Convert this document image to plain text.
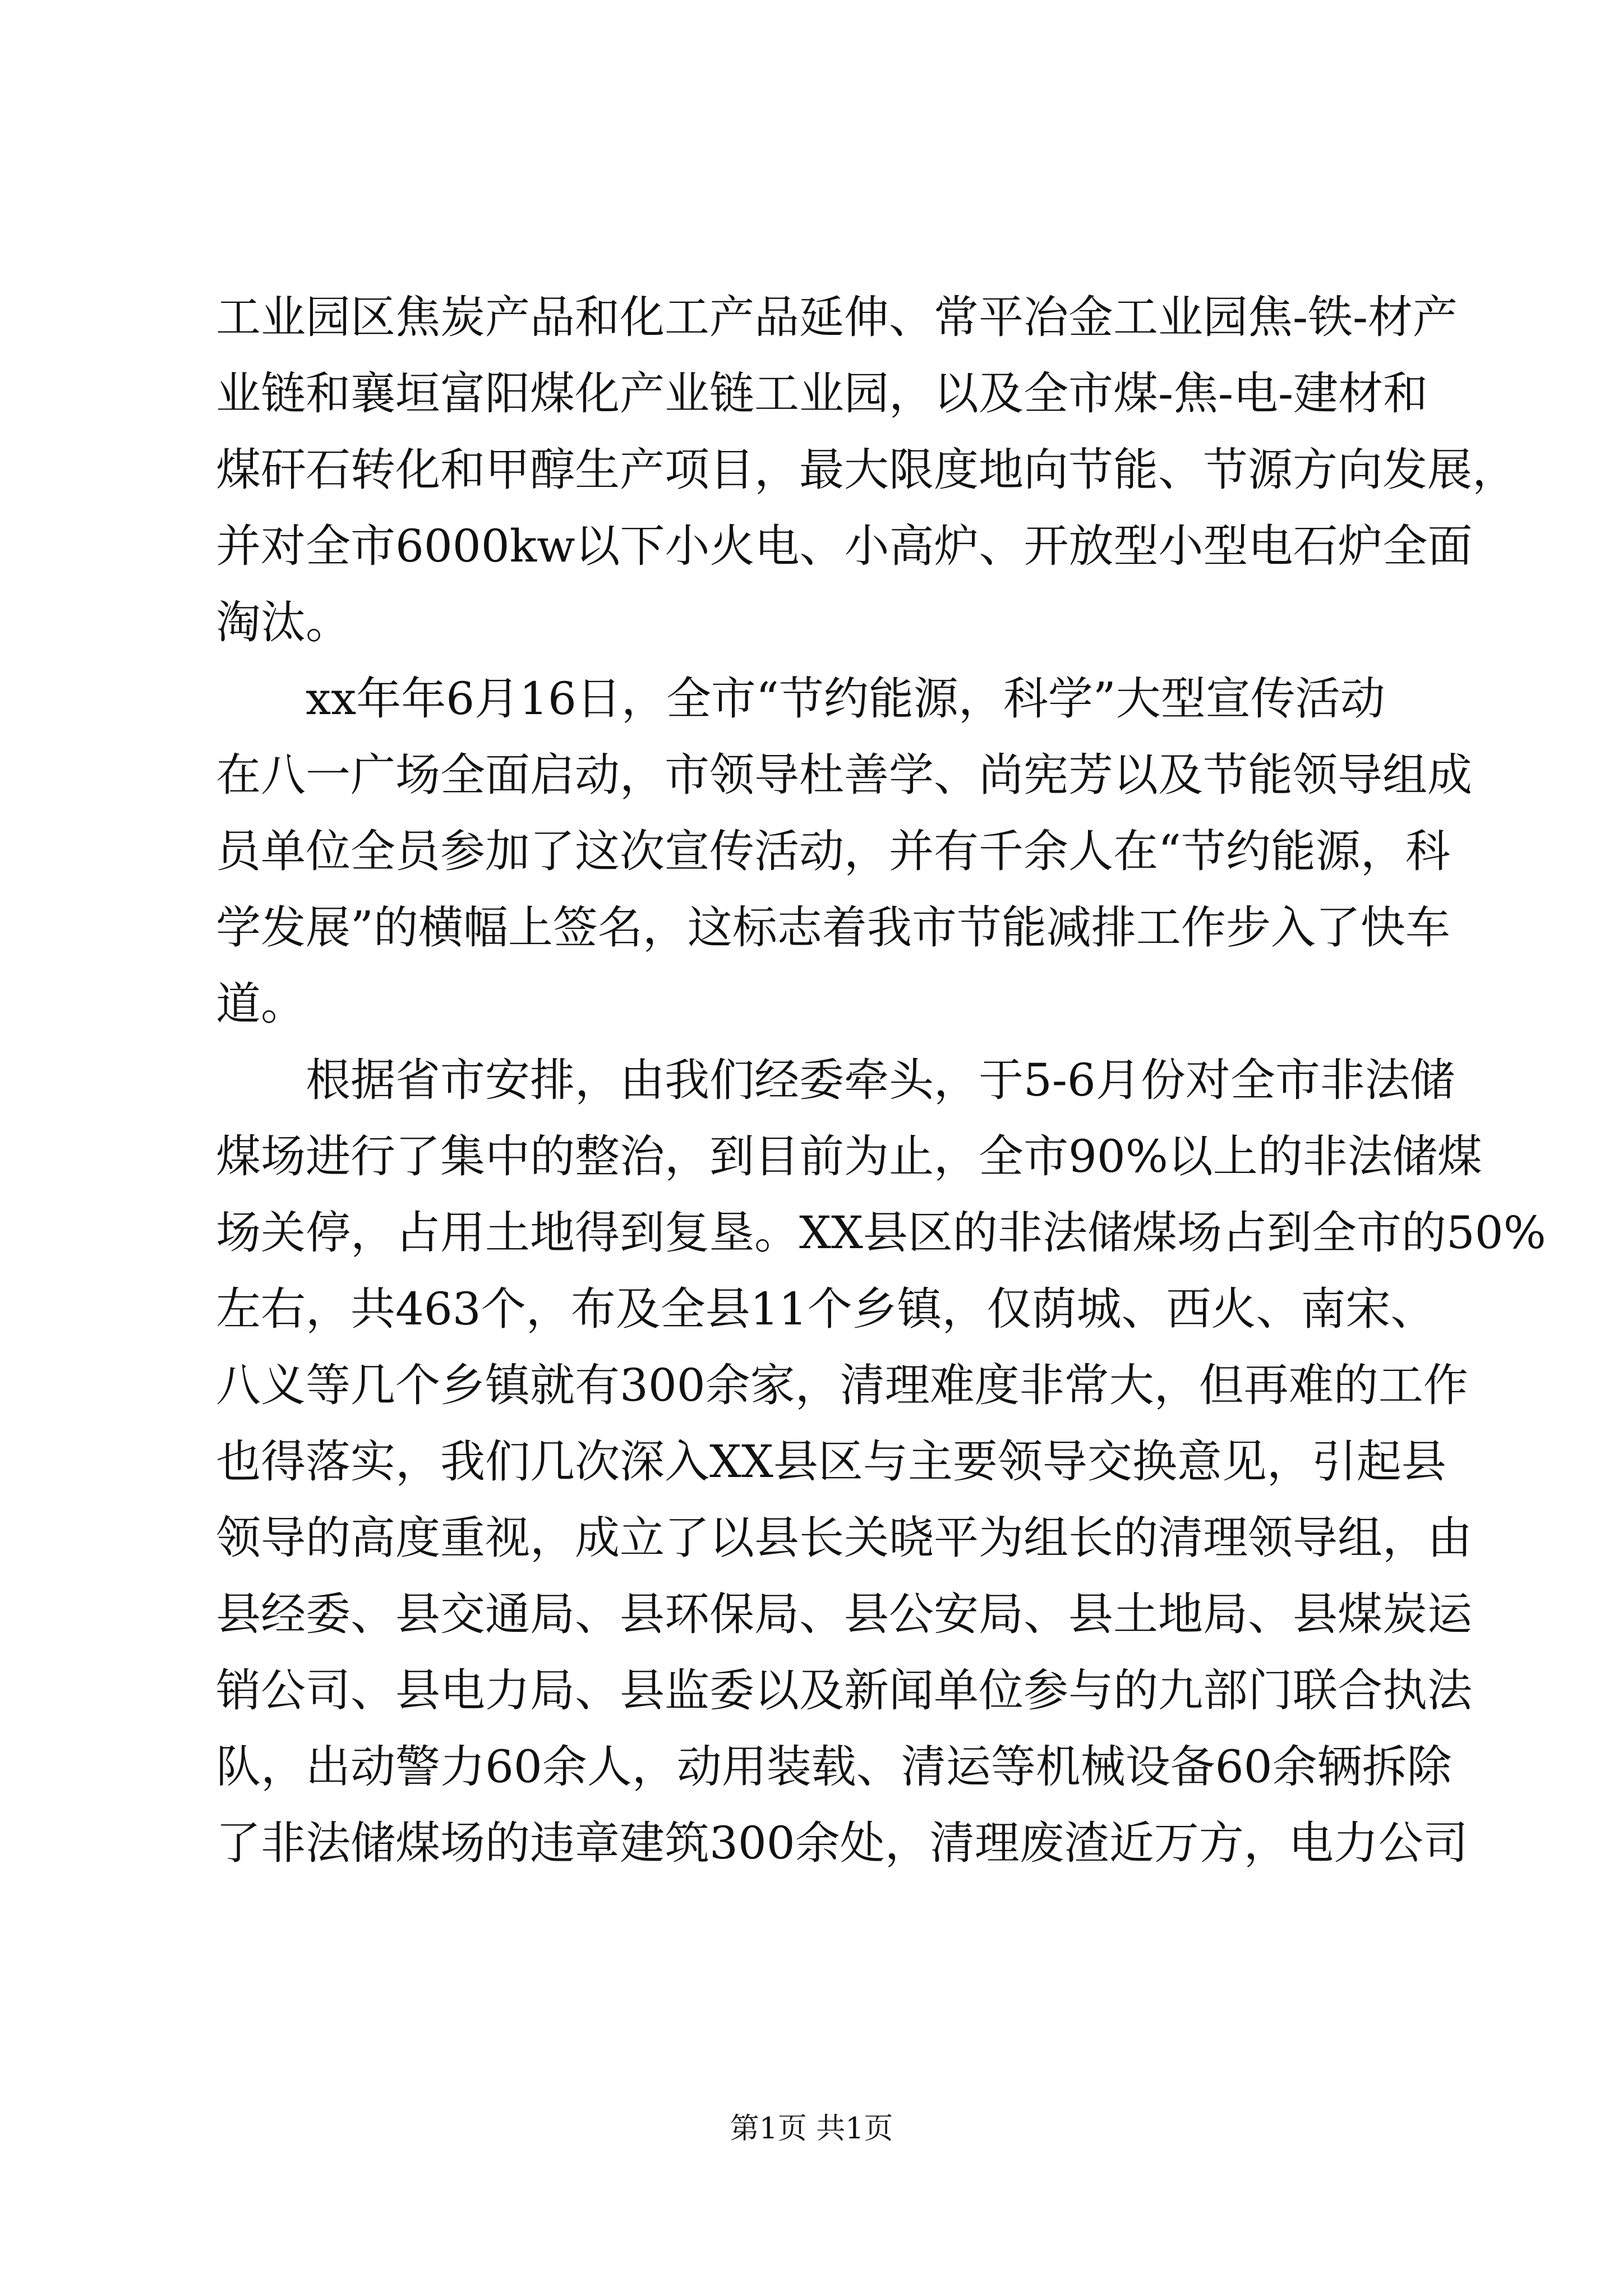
工业园区焦炭产品和化工产品延伸、常平冶金工业园焦-铁-材产
业链和襄垣富阳煤化产业链工业园，以及全市煤-焦-电-建材和
煤矸石转化和甲醇生产项目，最大限度地向节能、节源方向发展，
并对全市6000kw以下小火电、小高炉、开放型小型电石炉全面
淘汰。
xx年年6月16日，全市“节约能源，科学”大型宣传活动
在八一广场全面启动，市领导杜善学、尚宪芳以及节能领导组成
员单位全员参加了这次宣传活动，并有千余人在“节约能源，科
学发展”的横幅上签名，这标志着我市节能减排工作步入了快车
道。
根据省市安排，由我们经委牵头，于5-6月份对全市非法储
煤场进行了集中的整治，到目前为止，全市90%以上的非法储煤
场关停，占用土地得到复垦。XX县区的非法储煤场占到全市的50%
左右，共463个，布及全县11个乡镇，仅荫城、西火、南宋、
八义等几个乡镇就有300余家，清理难度非常大，但再难的工作
也得落实，我们几次深入XX县区与主要领导交换意见，引起县
领导的高度重视，成立了以县长关晓平为组长的清理领导组，由
县经委、县交通局、县环保局、县公安局、县土地局、县煤炭运
销公司、县电力局、县监委以及新闻单位参与的九部门联合执法
队，出动警力60余人，动用装载、清运等机械设备60余辆拆除
了非法储煤场的违章建筑300余处，清理废渣近万方，电力公司
第1页 共1页
